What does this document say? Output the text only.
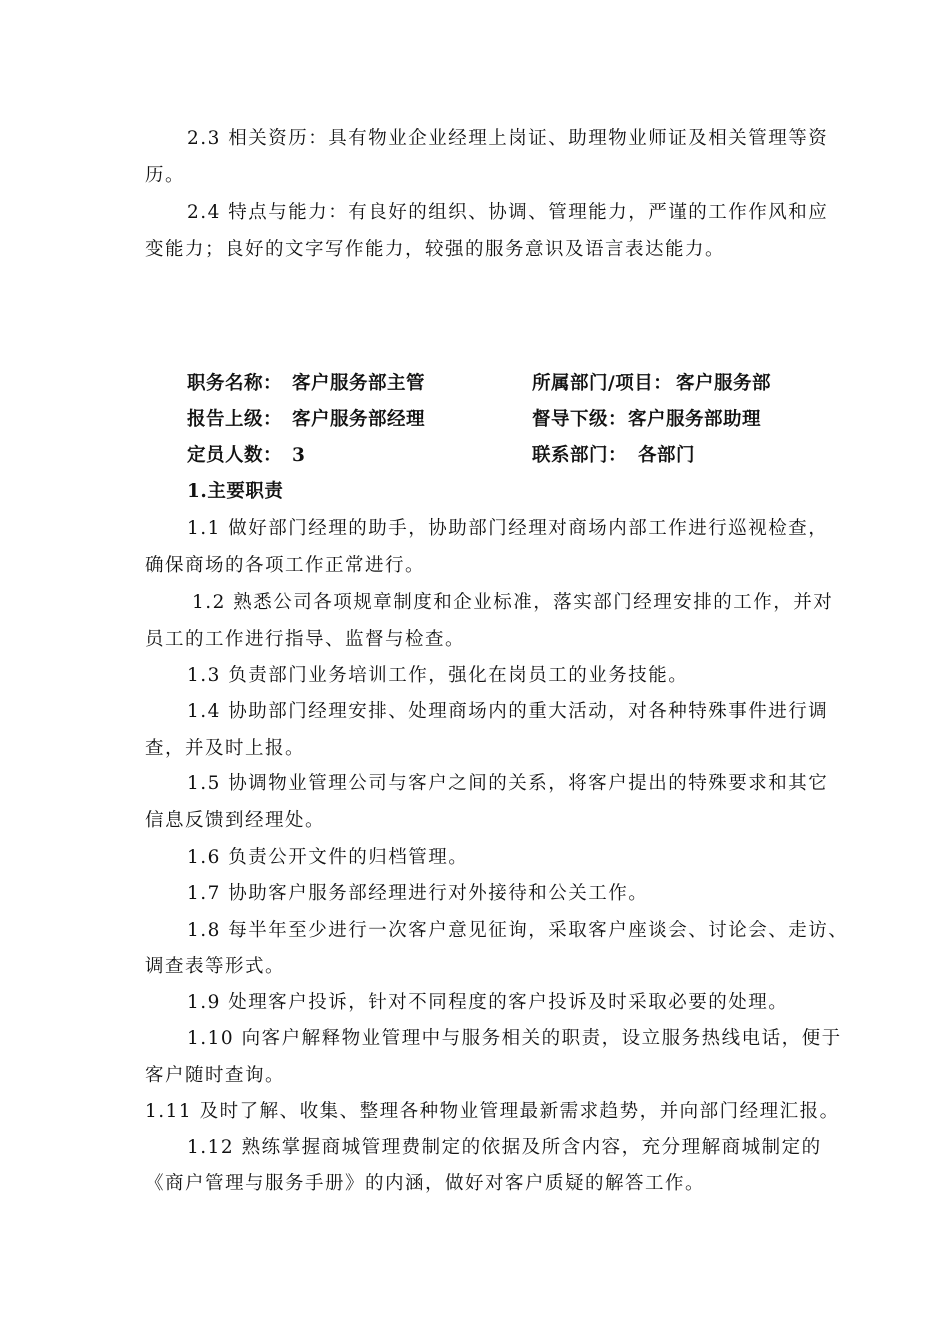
2.3 相关资历：具有物业企业经理上岗证、助理物业师证及相关管理等资
历。
2.4 特点与能力：有良好的组织、协调、管理能力，严谨的工作作风和应
变能力；良好的文字写作能力，较强的服务意识及语言表达能力。
职务名称： 客户服务部主管	所属部门/项目： 客户服务部
报告上级： 客户服务部经理	督导下级： 客户服务部助理
定员人数： 3	联系部门： 各部门
1.主要职责
1.1 做好部门经理的助手，协助部门经理对商场内部工作进行巡视检查，
确保商场的各项工作正常进行。
1.2 熟悉公司各项规章制度和企业标准，落实部门经理安排的工作，并对
员工的工作进行指导、监督与检查。
1.3 负责部门业务培训工作，强化在岗员工的业务技能。
1.4 协助部门经理安排、处理商场内的重大活动，对各种特殊事件进行调
查，并及时上报。
1.5 协调物业管理公司与客户之间的关系，将客户提出的特殊要求和其它
信息反馈到经理处。
1.6 负责公开文件的归档管理。
1.7 协助客户服务部经理进行对外接待和公关工作。
1.8 每半年至少进行一次客户意见征询，采取客户座谈会、讨论会、走访、
调查表等形式。
1.9 处理客户投诉，针对不同程度的客户投诉及时采取必要的处理。
1.10 向客户解释物业管理中与服务相关的职责，设立服务热线电话，便于
客户随时查询。
1.11 及时了解、收集、整理各种物业管理最新需求趋势，并向部门经理汇报。
1.12 熟练掌握商城管理费制定的依据及所含内容，充分理解商城制定的
《商户管理与服务手册》的内涵，做好对客户质疑的解答工作。
